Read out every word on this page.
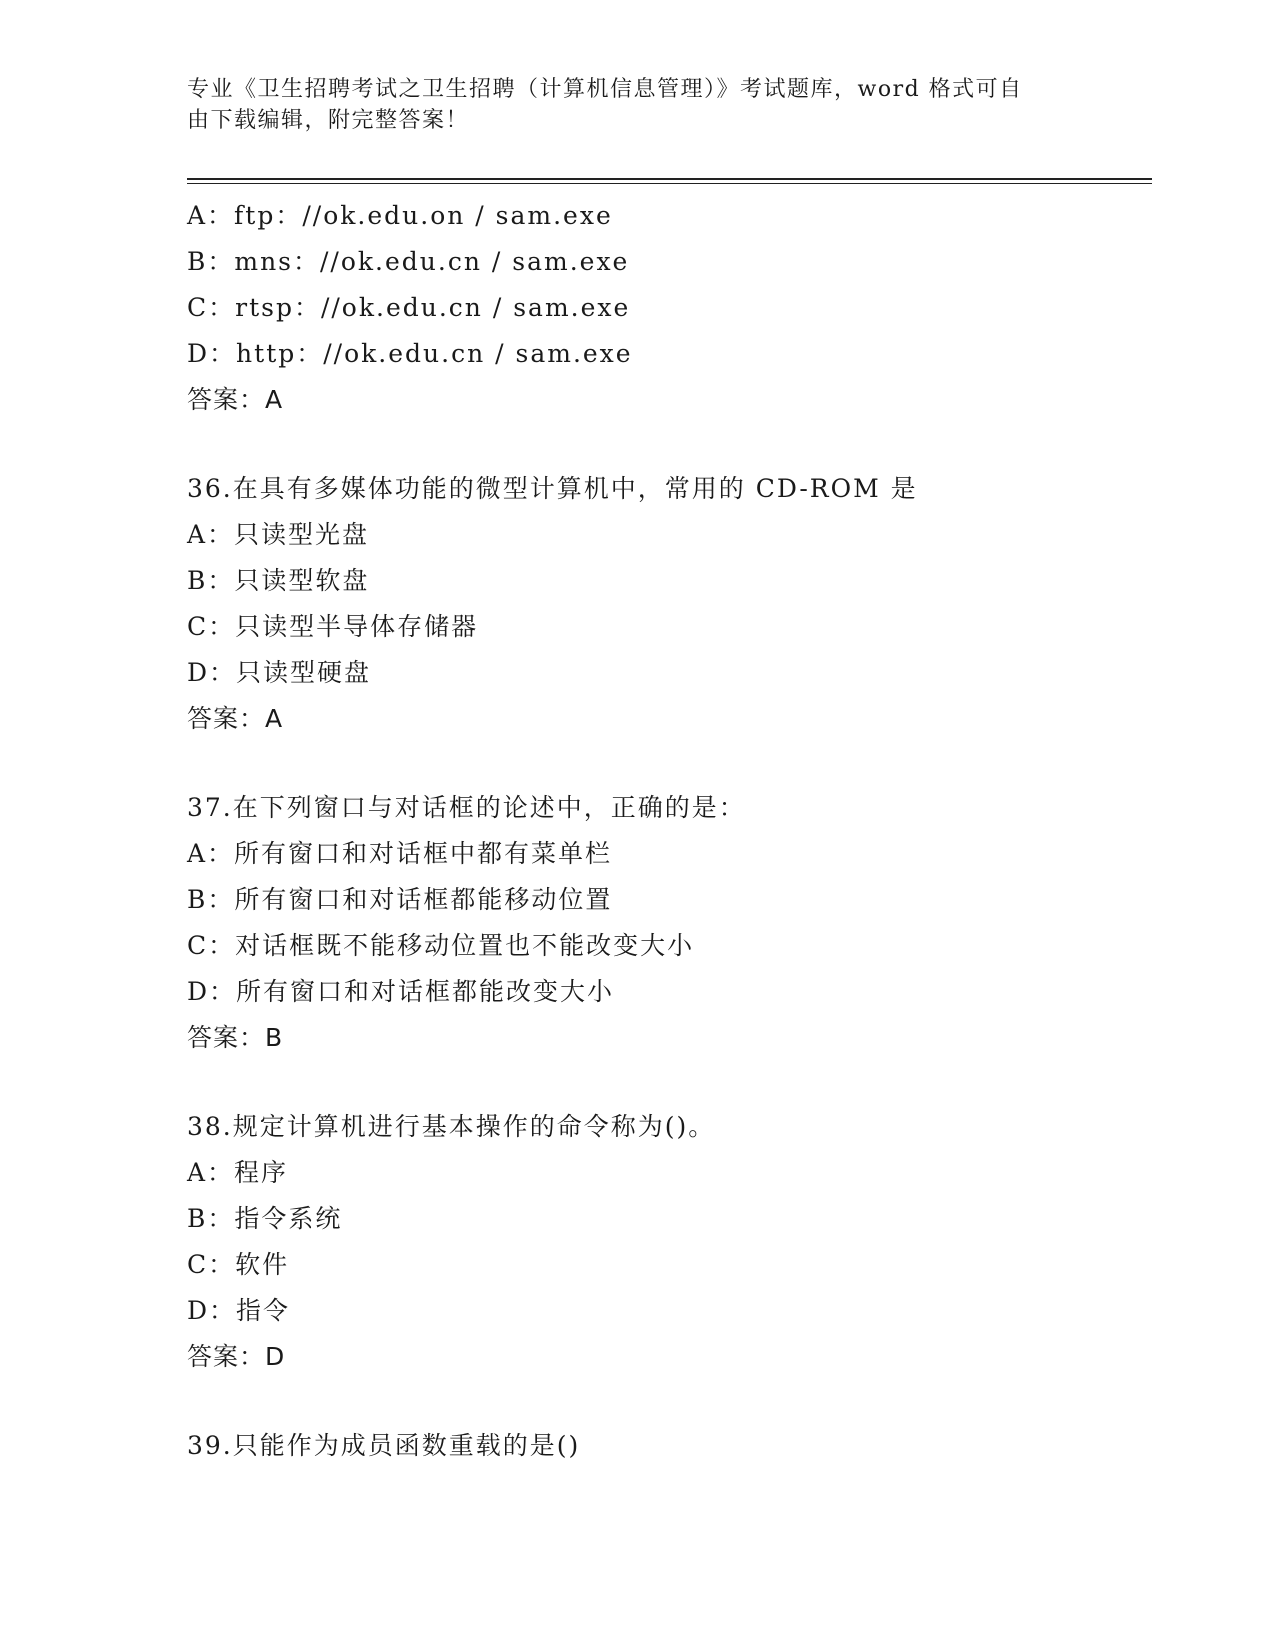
专业《卫生招聘考试之卫生招聘（计算机信息管理）》考试题库，word 格式可自
由下载编辑，附完整答案！
A：ftp：//ok.edu.on / sam.exe
B：mns：//ok.edu.cn / sam.exe
C：rtsp：//ok.edu.cn / sam.exe
D：http：//ok.edu.cn / sam.exe
答案：A
36.在具有多媒体功能的微型计算机中，常用的 CD-ROM 是
A：只读型光盘
B：只读型软盘
C：只读型半导体存储器
D：只读型硬盘
答案：A
37.在下列窗口与对话框的论述中，正确的是：
A：所有窗口和对话框中都有菜单栏
B：所有窗口和对话框都能移动位置
C：对话框既不能移动位置也不能改变大小
D：所有窗口和对话框都能改变大小
答案：B
38.规定计算机进行基本操作的命令称为()。
A：程序
B：指令系统
C：软件
D：指令
答案：D
39.只能作为成员函数重载的是()
